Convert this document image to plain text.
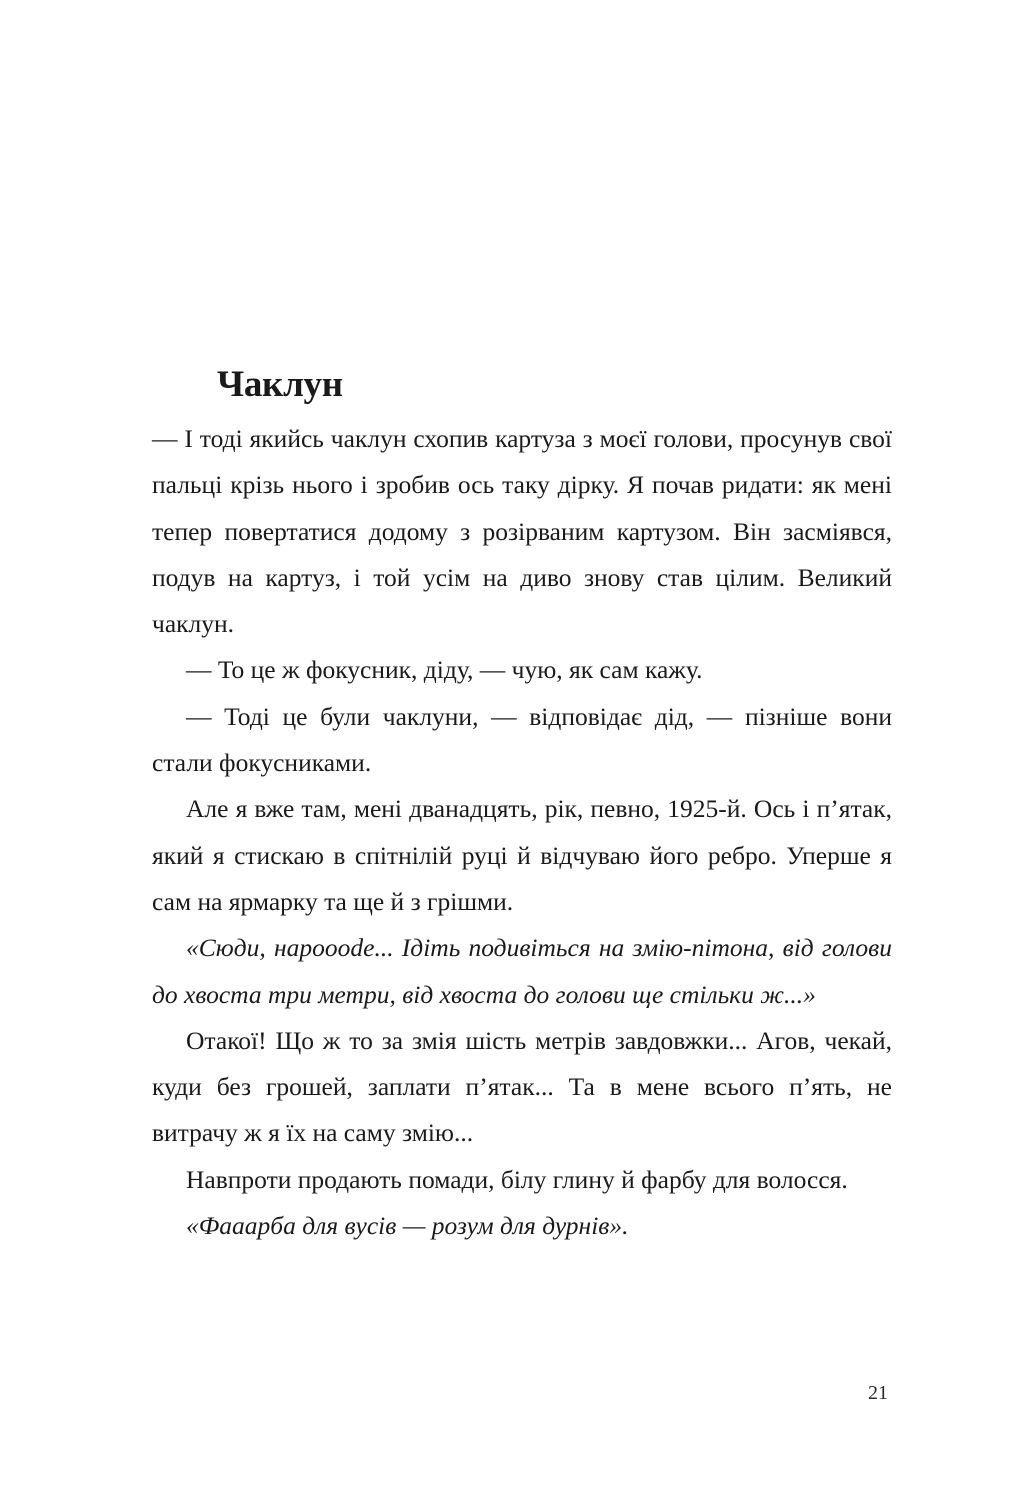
Чаклун

— І тоді якийсь чаклун схопив картуза з моєї голови, просунув свої пальці крізь нього і зробив ось таку дірку. Я почав ридати: як мені тепер повертатися додому з розірваним картузом. Він засміявся, подув на картуз, і той усім на диво знову став цілим. Великий чаклун.

— То це ж фокусник, діду, — чую, як сам кажу.

— Тоді це були чаклуни, — відповідає дід, — пізніше вони стали фокусниками.

Але я вже там, мені дванадцять, рік, певно, 1925-й. Ось і п’ятак, який я стискаю в спітнілій руці й відчуваю його ребро. Уперше я сам на ярмарку та ще й з грішми.

«Сюди, нарооode... Ідіть подивіться на змію-пітона, від голови до хвоста три метри, від хвоста до голови ще стільки ж...»

Отакої! Що ж то за змія шість метрів завдовжки... Агов, чекай, куди без грошей, заплати п’ятак... Та в мене всього п’ять, не витрачу ж я їх на саму змію...

Навпроти продають помади, білу глину й фарбу для волосся.

«Фааарба для вусів — розум для дурнів».

21
